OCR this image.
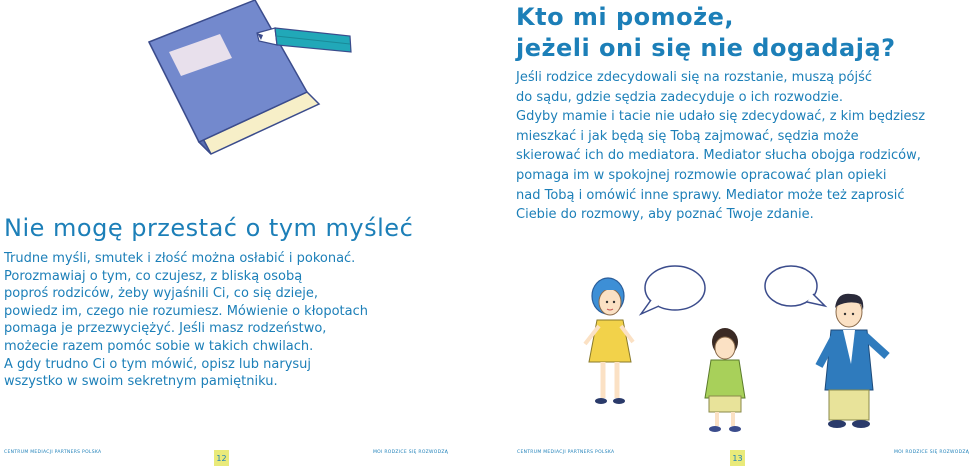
Nie mogę przestać o tym myśleć

Trudne myśli, smutek i złość można osłabić i pokonać.

Porozmawiaj o tym, co czujesz, z bliską osobą

poproś rodziców, żeby wyjaśnili Ci, co się dzieje,

powiedz im, czego nie rozumiesz. Mówienie o kłopotach

pomaga je przezwyciężyć. Jeśli masz rodzeństwo,

możecie razem pomóc sobie w takich chwilach.

A gdy trudno Ci o tym mówić, opisz lub narysuj

wszystko w swoim sekretnym pamiętniku.

CENTRUM MEDIACJI PARTNERS POLSKA
12
MOI RODZICE SIĘ ROZWODZĄ
Kto mi pomoże,
jeżeli oni się nie dogadają?

Jeśli rodzice zdecydowali się na rozstanie, muszą pójść

do sądu, gdzie sędzia zadecyduje o ich rozwodzie.

Gdyby mamie i tacie nie udało się zdecydować, z kim będziesz

mieszkać i jak będą się Tobą zajmować, sędzia może

skierować ich do mediatora. Mediator słucha obojga rodziców,

pomaga im w spokojnej rozmowie opracować plan opieki

nad Tobą i omówić inne sprawy. Mediator może też zaprosić

Ciebie do rozmowy, aby poznać Twoje zdanie.

CENTRUM MEDIACJI PARTNERS POLSKA
13
MOI RODZICE SIĘ ROZWODZĄ
